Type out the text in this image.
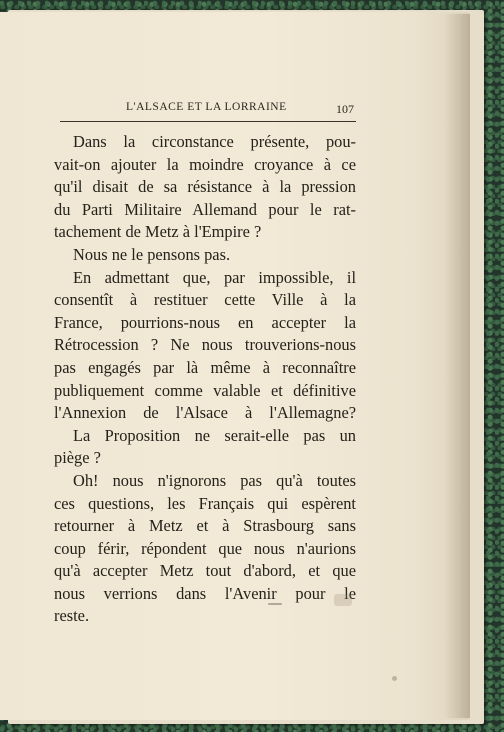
L'ALSACE ET LA LORRAINE	107
Dans la circonstance présente, pou-
vait-on ajouter la moindre croyance à ce
qu'il disait de sa résistance à la pression
du Parti Militaire Allemand pour le rat-
tachement de Metz à l'Empire ?
Nous ne le pensons pas.
En admettant que, par impossible, il
consentît à restituer cette Ville à la
France, pourrions-nous en accepter la
Rétrocession ? Ne nous trouverions-nous
pas engagés par là même à reconnaître
publiquement comme valable et définitive
l'Annexion de l'Alsace à l'Allemagne?
La Proposition ne serait-elle pas un
piège ?
Oh! nous n'ignorons pas qu'à toutes
ces questions, les Français qui espèrent
retourner à Metz et à Strasbourg sans
coup férir, répondent que nous n'aurions
qu'à accepter Metz tout d'abord, et que
nous verrions dans l'Avenir pour le
reste.
